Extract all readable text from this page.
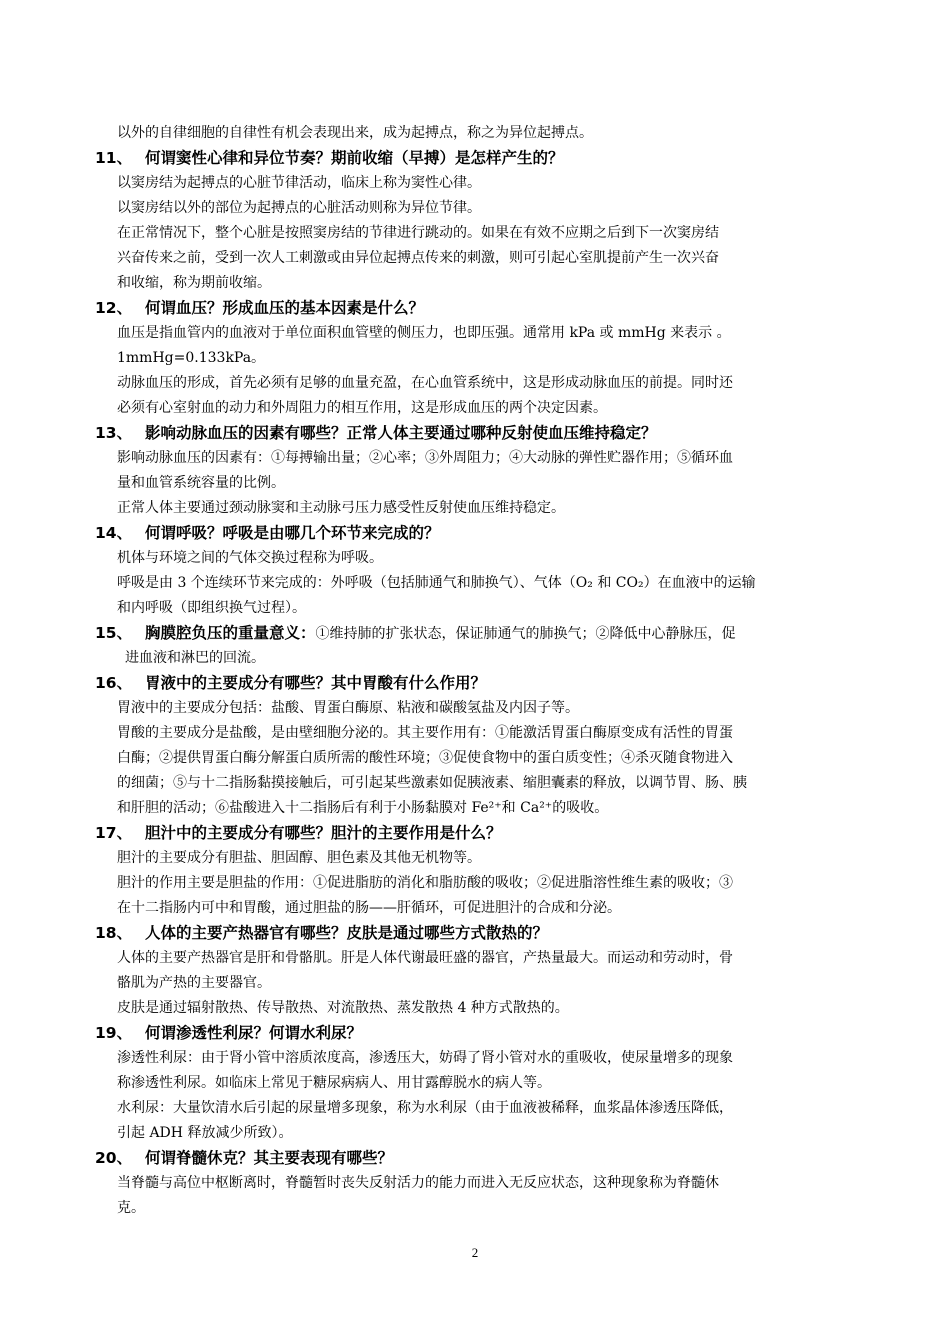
以外的自律细胞的自律性有机会表现出来，成为起搏点，称之为异位起搏点。
11、 何谓窦性心律和异位节奏？期前收缩（早搏）是怎样产生的？
以窦房结为起搏点的心脏节律活动，临床上称为窦性心律。
以窦房结以外的部位为起搏点的心脏活动则称为异位节律。
在正常情况下，整个心脏是按照窦房结的节律进行跳动的。如果在有效不应期之后到下一次窦房结
兴奋传来之前，受到一次人工刺激或由异位起搏点传来的刺激，则可引起心室肌提前产生一次兴奋
和收缩，称为期前收缩。
12、 何谓血压？形成血压的基本因素是什么？
血压是指血管内的血液对于单位面积血管壁的侧压力，也即压强。通常用 kPa 或 mmHg 来表示 。
1mmHg=0.133kPa。
动脉血压的形成，首先必须有足够的血量充盈，在心血管系统中，这是形成动脉血压的前提。同时还
必须有心室射血的动力和外周阻力的相互作用，这是形成血压的两个决定因素。
13、 影响动脉血压的因素有哪些？正常人体主要通过哪种反射使血压维持稳定？
影响动脉血压的因素有：①每搏输出量；②心率；③外周阻力；④大动脉的弹性贮器作用；⑤循环血
量和血管系统容量的比例。
正常人体主要通过颈动脉窦和主动脉弓压力感受性反射使血压维持稳定。
14、 何谓呼吸？呼吸是由哪几个环节来完成的？
机体与环境之间的气体交换过程称为呼吸。
呼吸是由 3 个连续环节来完成的：外呼吸（包括肺通气和肺换气）、气体（O₂ 和 CO₂）在血液中的运输
和内呼吸（即组织换气过程）。
15、 胸膜腔负压的重量意义：①维持肺的扩张状态，保证肺通气的肺换气；②降低中心静脉压，促
进血液和淋巴的回流。
16、 胃液中的主要成分有哪些？其中胃酸有什么作用？
胃液中的主要成分包括：盐酸、胃蛋白酶原、粘液和碳酸氢盐及内因子等。
胃酸的主要成分是盐酸，是由壁细胞分泌的。其主要作用有：①能激活胃蛋白酶原变成有活性的胃蛋
白酶；②提供胃蛋白酶分解蛋白质所需的酸性环境；③促使食物中的蛋白质变性；④杀灭随食物进入
的细菌；⑤与十二指肠黏摸接触后，可引起某些激素如促胰液素、缩胆囊素的释放，以调节胃、肠、胰
和肝胆的活动；⑥盐酸进入十二指肠后有利于小肠黏膜对 Fe²⁺和 Ca²⁺的吸收。
17、 胆汁中的主要成分有哪些？胆汁的主要作用是什么？
胆汁的主要成分有胆盐、胆固醇、胆色素及其他无机物等。
胆汁的作用主要是胆盐的作用：①促进脂肪的消化和脂肪酸的吸收；②促进脂溶性维生素的吸收；③
在十二指肠内可中和胃酸，通过胆盐的肠——肝循环，可促进胆汁的合成和分泌。
18、 人体的主要产热器官有哪些？皮肤是通过哪些方式散热的？
人体的主要产热器官是肝和骨骼肌。肝是人体代谢最旺盛的器官，产热量最大。而运动和劳动时，骨
骼肌为产热的主要器官。
皮肤是通过辐射散热、传导散热、对流散热、蒸发散热 4 种方式散热的。
19、 何谓渗透性利尿？何谓水利尿？
渗透性利尿：由于肾小管中溶质浓度高，渗透压大，妨碍了肾小管对水的重吸收，使尿量增多的现象
称渗透性利尿。如临床上常见于糖尿病病人、用甘露醇脱水的病人等。
水利尿：大量饮清水后引起的尿量增多现象，称为水利尿（由于血液被稀释，血浆晶体渗透压降低，
引起 ADH 释放减少所致）。
20、 何谓脊髓休克？其主要表现有哪些？
当脊髓与高位中枢断离时，脊髓暂时丧失反射活力的能力而进入无反应状态，这种现象称为脊髓休
克。
2
